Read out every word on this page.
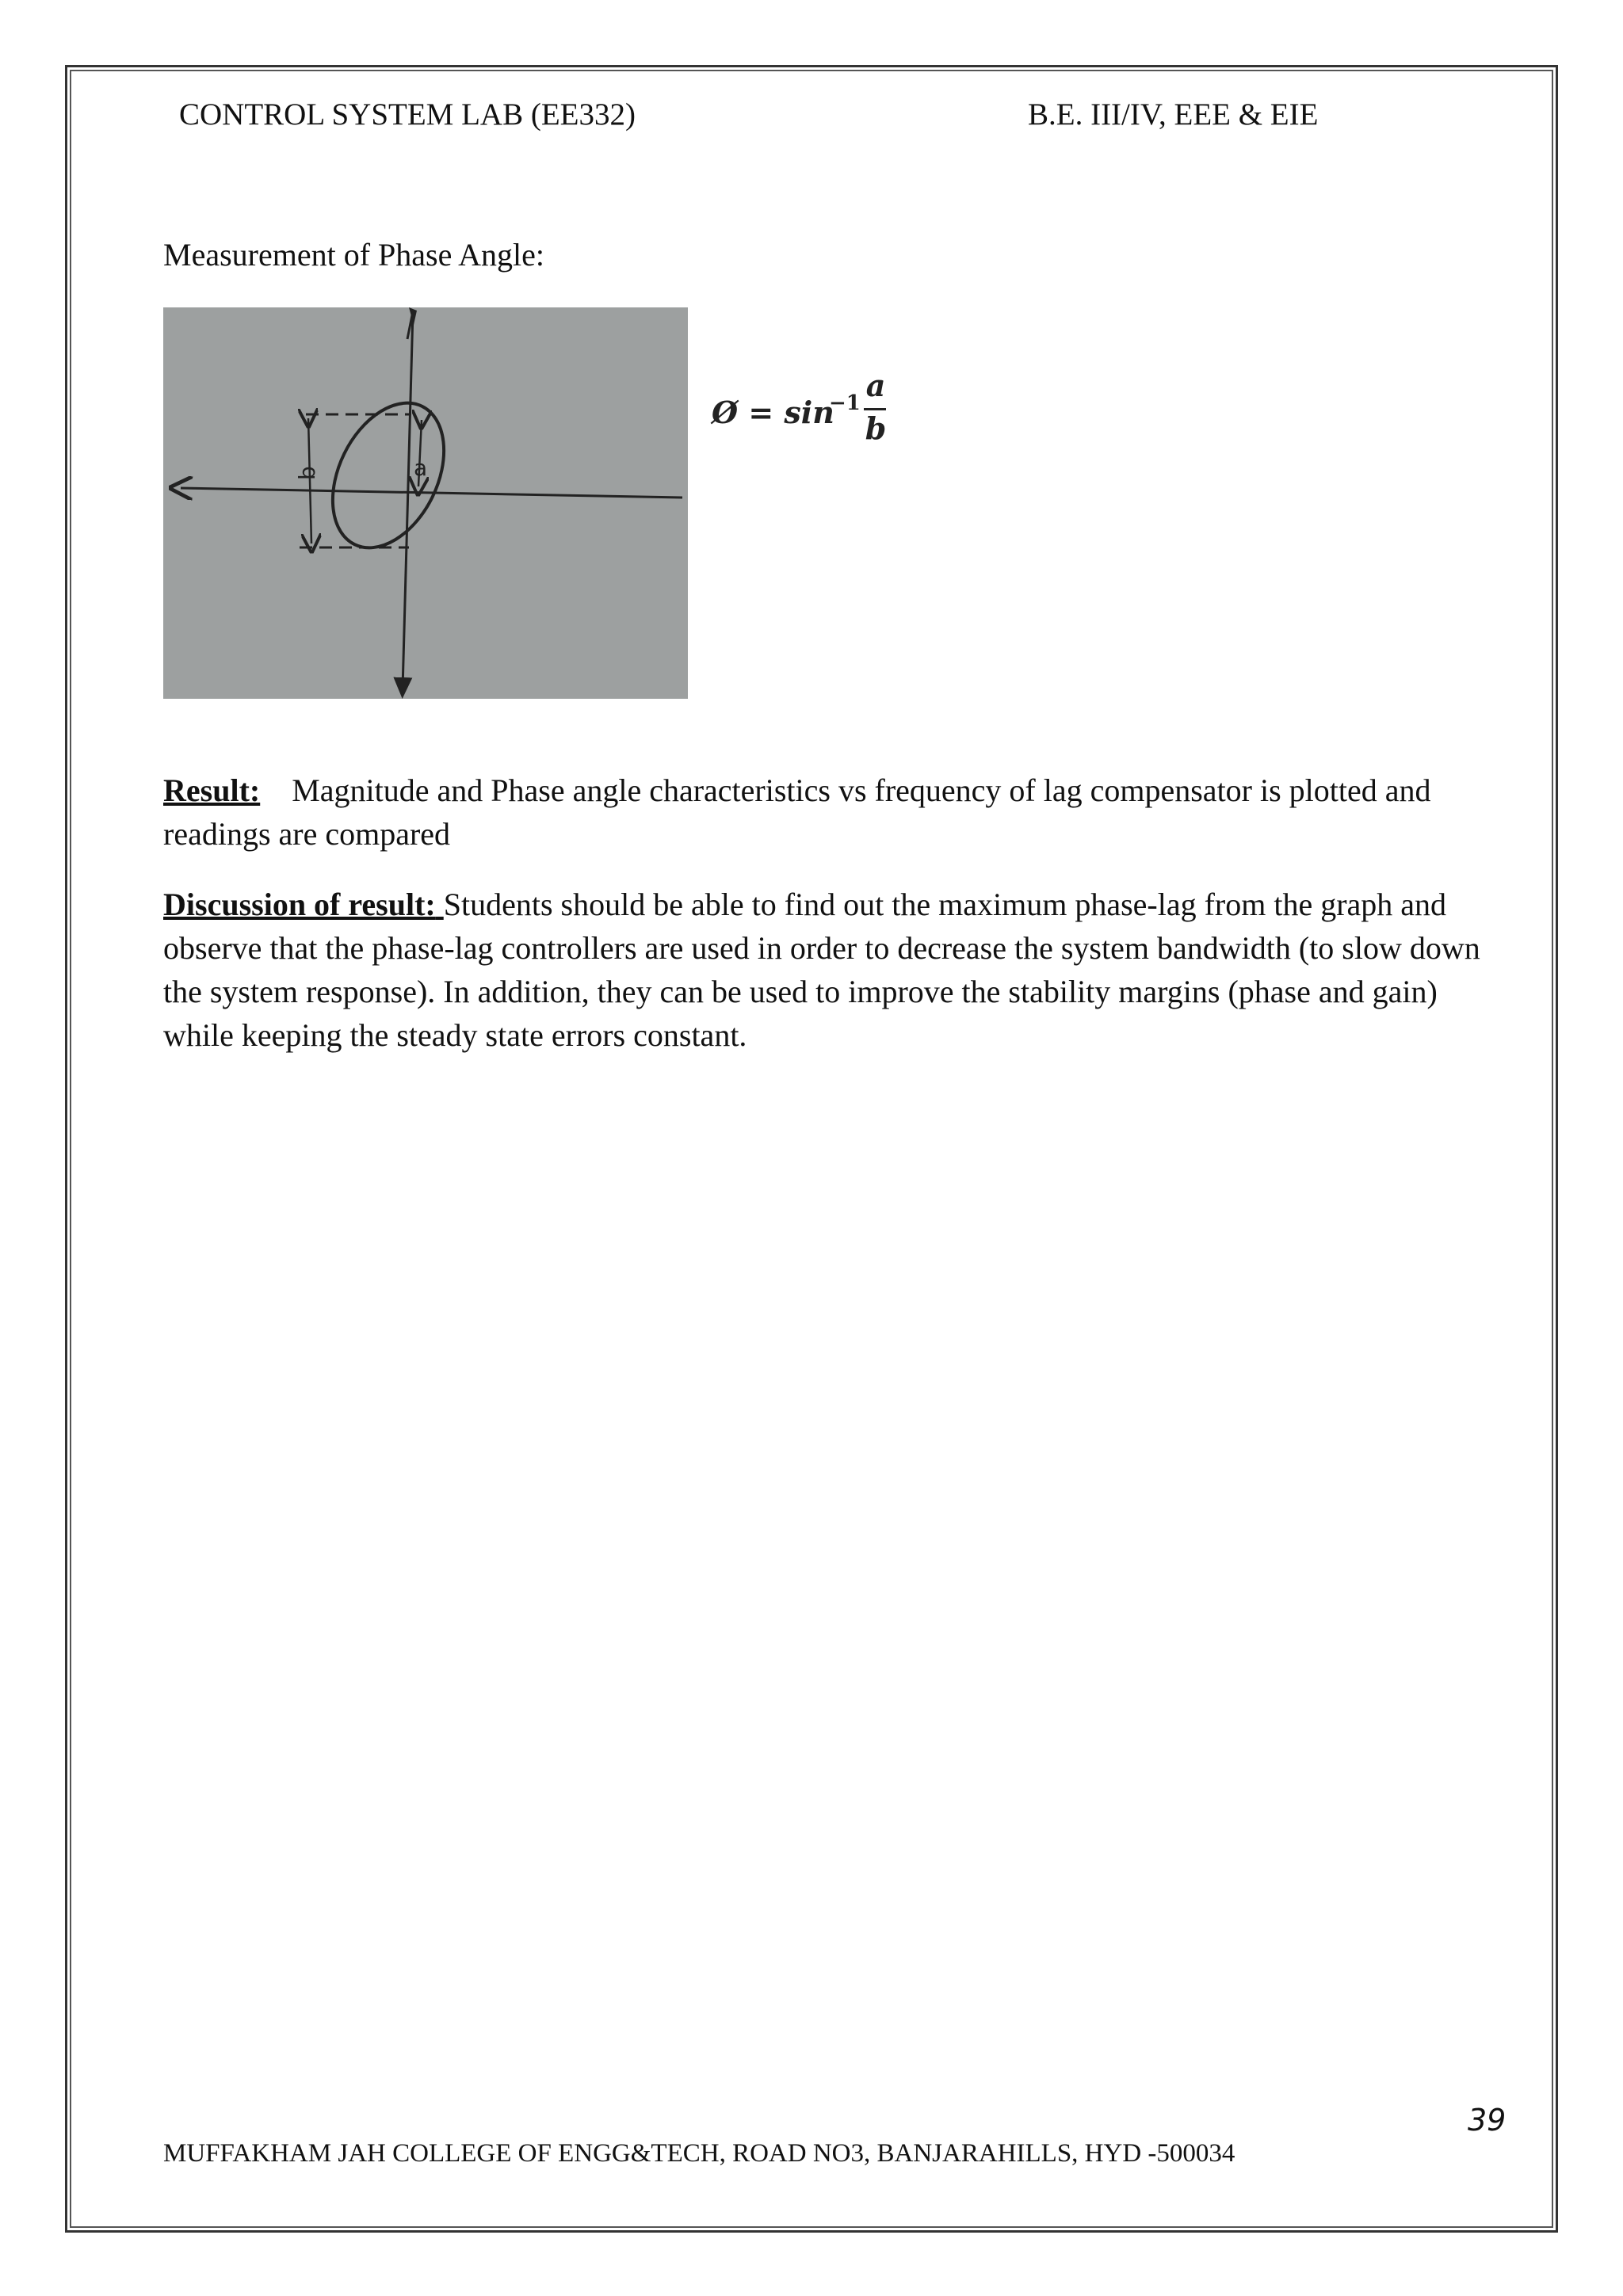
CONTROL SYSTEM LAB (EE332)	B.E. III/IV, EEE & EIE
Measurement of Phase Angle:
b	a
Ø = sin
−1 a
b
Result: Magnitude and Phase angle characteristics vs frequency of lag compensator is plotted and readings are compared
Discussion of result: Students should be able to find out the maximum phase-lag from the graph and observe that the phase-lag controllers are used in order to decrease the system bandwidth (to slow down the system response). In addition, they can be used to improve the stability margins (phase and gain) while keeping the steady state errors constant.
39
MUFFAKHAM JAH COLLEGE OF ENGG&TECH, ROAD NO3, BANJARAHILLS, HYD -500034
